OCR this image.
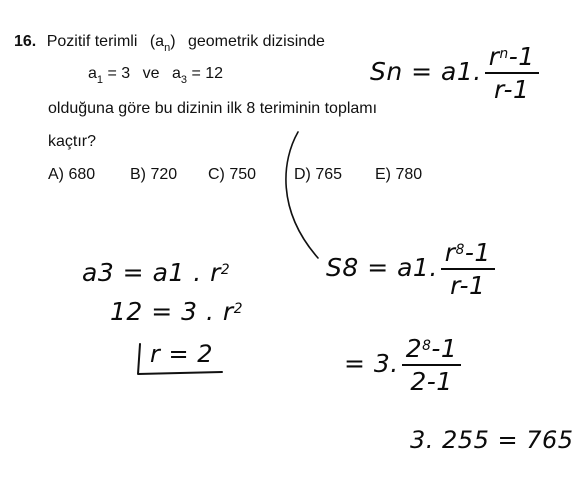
16. Pozitif terimli $(a_n)$ geometrik dizisinde
$a_1 = 3$ ve $a_3 = 12$
olduğuna göre bu dizinin ilk 8 teriminin toplamı
kaçtır?
A) 680 B) 720 C) 750 D) 765 E) 780
Sn = a1. $\frac{r^n-1}{r-1}$
a3 = a1 . $r^2$
12 = 3 . $r^2$
r = 2
S8 = a1. $\frac{r^8-1}{r-1}$
= 3. $\frac{2^8-1}{2-1}$
3. 255 = 765
